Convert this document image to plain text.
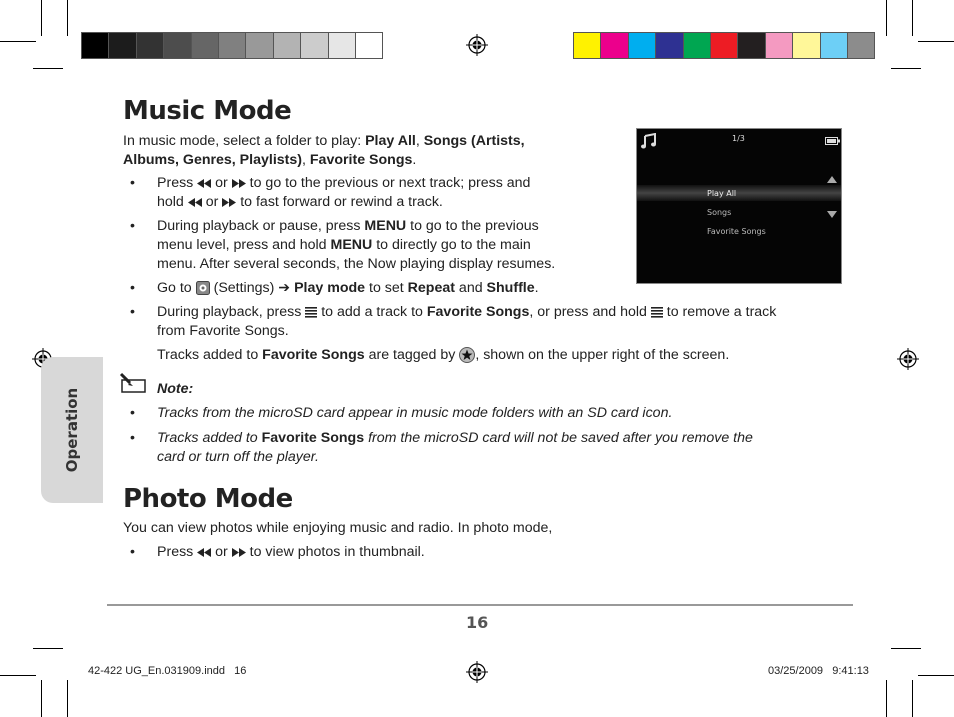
Operation
Music Mode
In music mode, select a folder to play: Play All, Songs (Artists,
Albums, Genres, Playlists), Favorite Songs.
• Press  or  to go to the previous or next track; press and
hold  or  to fast forward or rewind a track.
• During playback or pause, press MENU to go to the previous
menu level, press and hold MENU to directly go to the main
menu. After several seconds, the Now playing display resumes.
• Go to  (Settings) ➔ Play mode to set Repeat and Shuffle.
• During playback, press  to add a track to Favorite Songs, or press and hold  to remove a track
from Favorite Songs.
Tracks added to Favorite Songs are tagged by , shown on the upper right of the screen.
1/3
Play All
Songs
Favorite Songs
Note:
• Tracks from the microSD card appear in music mode folders with an SD card icon.
• Tracks added to Favorite Songs from the microSD card will not be saved after you remove the
card or turn off the player.
Photo Mode
You can view photos while enjoying music and radio. In photo mode,
• Press  or  to view photos in thumbnail.
16
42-422 UG_En.031909.indd   16	03/25/2009   9:41:13
